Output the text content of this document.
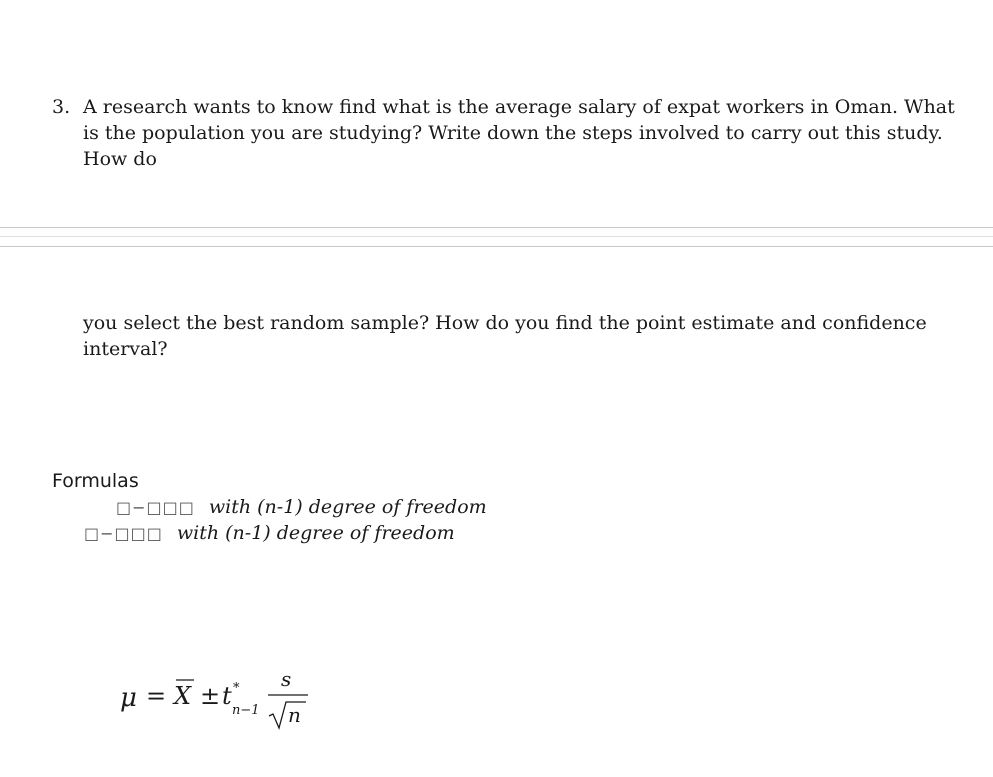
3. A research wants to know find what is the average salary of expat workers in Oman. What is the population you are studying? Write down the steps involved to carry out this study. How do
you select the best random sample? How do you find the point estimate and confidence interval?
Formulas
□−□□□ with (n-1) degree of freedom
□−□□□ with (n-1) degree of freedom
μ = X ± t *
n−1
s
n
